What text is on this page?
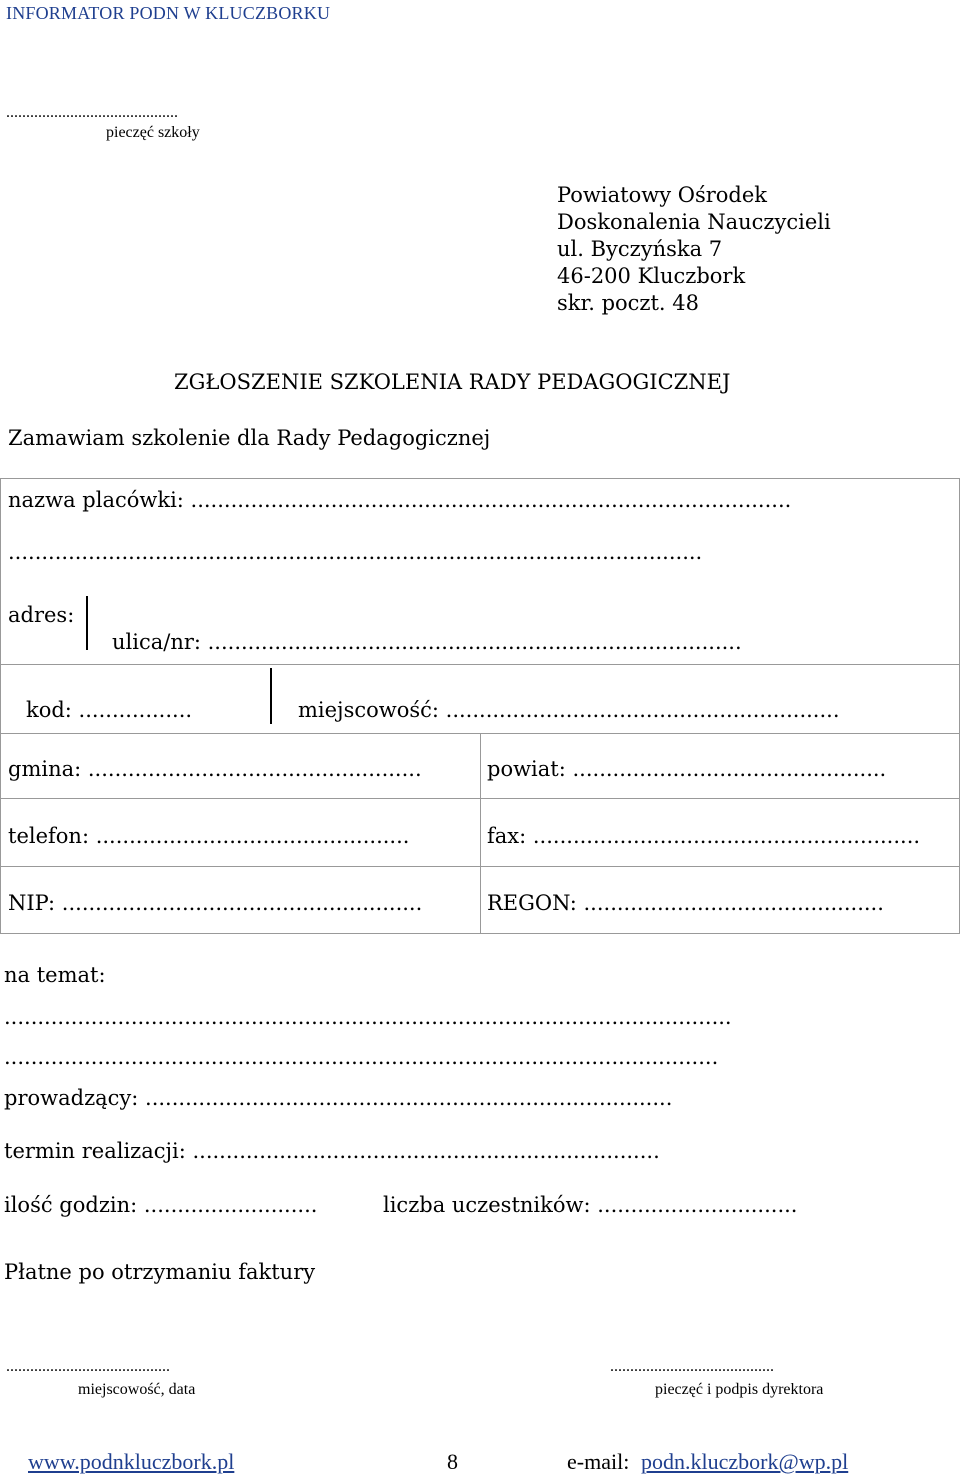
INFORMATOR PODN W KLUCZBORKU
...........................................
pieczęć szkoły
Powiatowy Ośrodek
Doskonalenia Nauczycieli
ul. Byczyńska 7
46-200 Kluczbork
skr. poczt. 48
ZGŁOSZENIE SZKOLENIA RADY PEDAGOGICZNEJ
Zamawiam szkolenie dla Rady Pedagogicznej
nazwa placówki: ..........................................................................................
........................................................................................................
adres:
ulica/nr: ................................................................................
kod: .................	miejscowość: ...........................................................
gmina: ..................................................	powiat: ...............................................
telefon: ...............................................	fax: ..........................................................
NIP: ......................................................	REGON: .............................................
na temat:
.............................................................................................................
...........................................................................................................
prowadzący: ...............................................................................
termin realizacji: ......................................................................
ilość godzin: ..........................	liczba uczestników: ..............................
Płatne po otrzymaniu faktury
.........................................
miejscowość, data
.........................................
pieczęć i podpis dyrektora
www.podnkluczbork.pl	8	e-mail: podn.kluczbork@wp.pl
